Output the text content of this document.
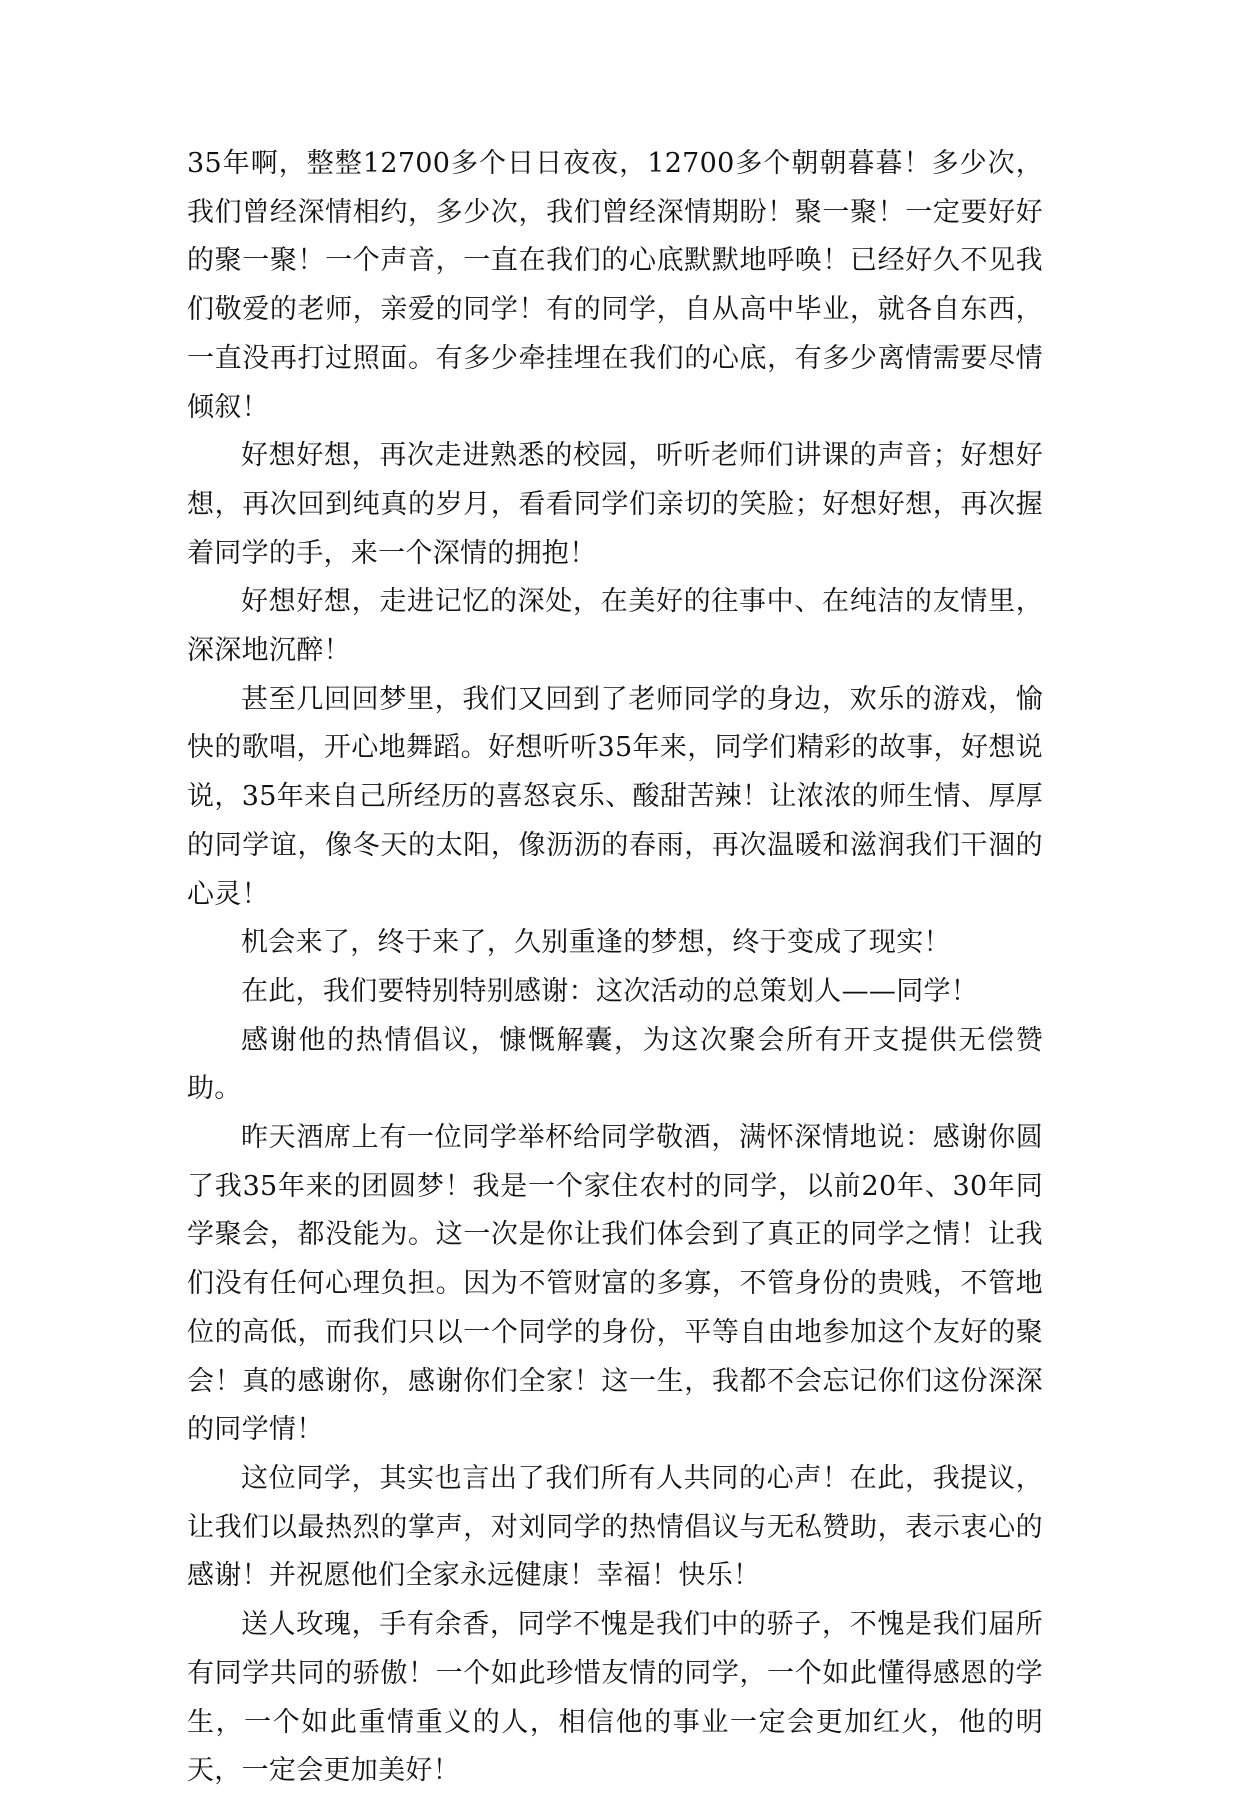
35年啊，整整12700多个日日夜夜，12700多个朝朝暮暮！多少次，我们曾经深情相约，多少次，我们曾经深情期盼！聚一聚！一定要好好的聚一聚！一个声音，一直在我们的心底默默地呼唤！已经好久不见我们敬爱的老师，亲爱的同学！有的同学，自从高中毕业，就各自东西，一直没再打过照面。有多少牵挂埋在我们的心底，有多少离情需要尽情倾叙！

好想好想，再次走进熟悉的校园，听听老师们讲课的声音；好想好想，再次回到纯真的岁月，看看同学们亲切的笑脸；好想好想，再次握着同学的手，来一个深情的拥抱！

好想好想，走进记忆的深处，在美好的往事中、在纯洁的友情里，深深地沉醉！

甚至几回回梦里，我们又回到了老师同学的身边，欢乐的游戏，愉快的歌唱，开心地舞蹈。好想听听35年来，同学们精彩的故事，好想说说，35年来自己所经历的喜怒哀乐、酸甜苦辣！让浓浓的师生情、厚厚的同学谊，像冬天的太阳，像沥沥的春雨，再次温暖和滋润我们干涸的心灵！

机会来了，终于来了，久别重逢的梦想，终于变成了现实！

在此，我们要特别特别感谢：这次活动的总策划人——同学！

感谢他的热情倡议，慷慨解囊，为这次聚会所有开支提供无偿赞助。

昨天酒席上有一位同学举杯给同学敬酒，满怀深情地说：感谢你圆了我35年来的团圆梦！我是一个家住农村的同学，以前20年、30年同学聚会，都没能为。这一次是你让我们体会到了真正的同学之情！让我们没有任何心理负担。因为不管财富的多寡，不管身份的贵贱，不管地位的高低，而我们只以一个同学的身份，平等自由地参加这个友好的聚会！真的感谢你，感谢你们全家！这一生，我都不会忘记你们这份深深的同学情！

这位同学，其实也言出了我们所有人共同的心声！在此，我提议，让我们以最热烈的掌声，对刘同学的热情倡议与无私赞助，表示衷心的感谢！并祝愿他们全家永远健康！幸福！快乐！

送人玫瑰，手有余香，同学不愧是我们中的骄子，不愧是我们届所有同学共同的骄傲！一个如此珍惜友情的同学，一个如此懂得感恩的学生，一个如此重情重义的人，相信他的事业一定会更加红火，他的明天，一定会更加美好！
